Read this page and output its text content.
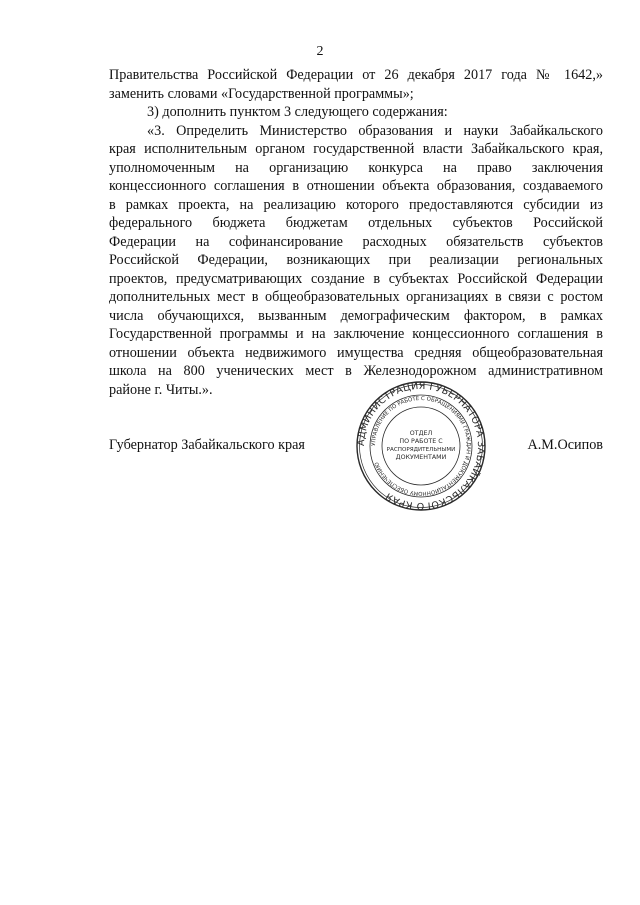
2
Правительства Российской Федерации от 26 декабря 2017 года № 1642,»
заменить словами «Государственной программы»;
3) дополнить пунктом 3 следующего содержания:
«3. Определить Министерство образования и науки Забайкальского
края исполнительным органом государственной власти Забайкальского края,
уполномоченным на организацию конкурса на право заключения
концессионного соглашения в отношении объекта образования, создаваемого
в рамках проекта, на реализацию которого предоставляются субсидии из
федерального бюджета бюджетам отдельных субъектов Российской
Федерации на софинансирование расходных обязательств субъектов
Российской Федерации, возникающих при реализации региональных
проектов, предусматривающих создание в субъектах Российской Федерации
дополнительных мест в общеобразовательных организациях в связи с ростом
числа обучающихся, вызванным демографическим фактором, в рамках
Государственной программы и на заключение концессионного соглашения в
отношении объекта недвижимого имущества средняя общеобразовательная
школа на 800 ученических мест в Железнодорожном административном
районе г. Читы.».
Губернатор Забайкальского края	А.М.Осипов
АДМИНИСТРАЦИЯ ГУБЕРНАТОРА ЗАБАЙКАЛЬСКОГО КРАЯ
УПРАВЛЕНИЕ ПО РАБОТЕ С ОБРАЩЕНИЯМИ ГРАЖДАН И ДОКУМЕНТАЦИОННОМУ ОБЕСПЕЧЕНИЮ
ОТДЕЛ
ПО РАБОТЕ С
РАСПОРЯДИТЕЛЬНЫМИ
ДОКУМЕНТАМИ
